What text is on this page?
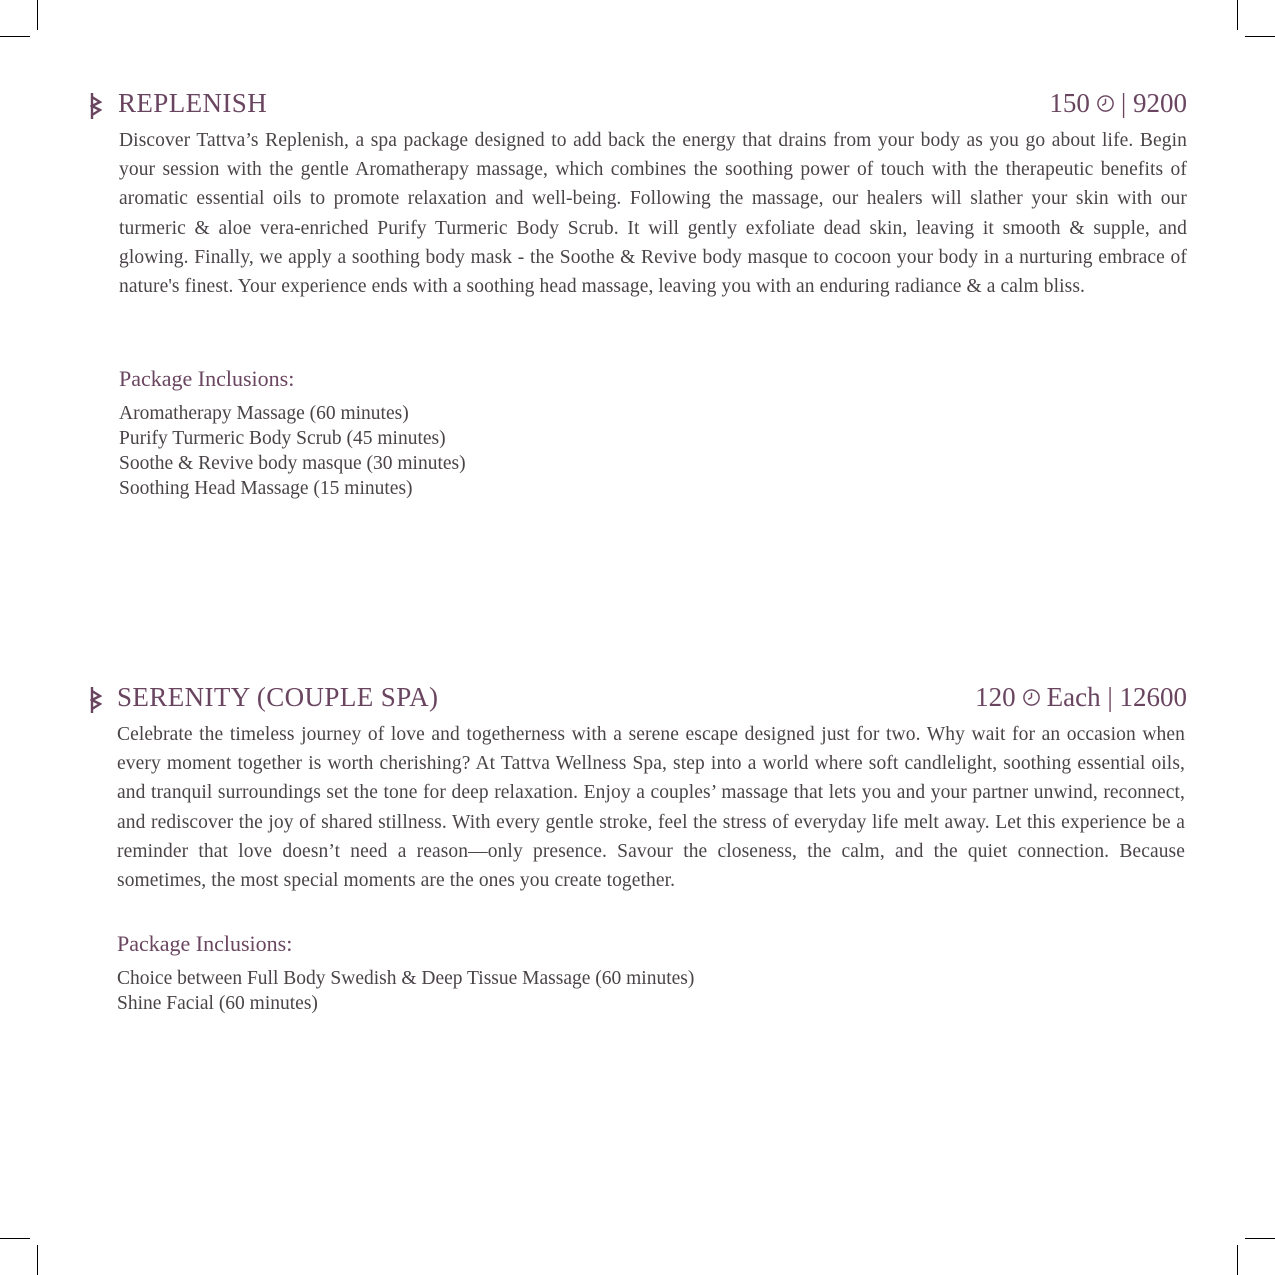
REPLENISH	150 | 9200

Discover Tattva’s Replenish, a spa package designed to add back the energy that drains from your body as you go about life. Begin your session with the gentle Aromatherapy massage, which combines the soothing power of touch with the therapeutic benefits of aromatic essential oils to promote relaxation and well-being. Following the massage, our healers will slather your skin with our turmeric & aloe vera-enriched Purify Turmeric Body Scrub. It will gently exfoliate dead skin, leaving it smooth & supple, and glowing. Finally, we apply a soothing body mask - the Soothe & Revive body masque to cocoon your body in a nurturing embrace of nature's finest. Your experience ends with a soothing head massage, leaving you with an enduring radiance & a calm bliss.

Package Inclusions:
Aromatherapy Massage (60 minutes)
Purify Turmeric Body Scrub (45 minutes)
Soothe & Revive body masque (30 minutes)
Soothing Head Massage (15 minutes)
SERENITY (COUPLE SPA)	120 Each | 12600

Celebrate the timeless journey of love and togetherness with a serene escape designed just for two. Why wait for an occasion when every moment together is worth cherishing? At Tattva Wellness Spa, step into a world where soft candlelight, soothing essential oils, and tranquil surroundings set the tone for deep relaxation. Enjoy a couples’ massage that lets you and your partner unwind, reconnect, and rediscover the joy of shared stillness. With every gentle stroke, feel the stress of everyday life melt away. Let this experience be a reminder that love doesn’t need a reason—only presence. Savour the closeness, the calm, and the quiet connection. Because sometimes, the most special moments are the ones you create together.

Package Inclusions:
Choice between Full Body Swedish & Deep Tissue Massage (60 minutes)
Shine Facial (60 minutes)
